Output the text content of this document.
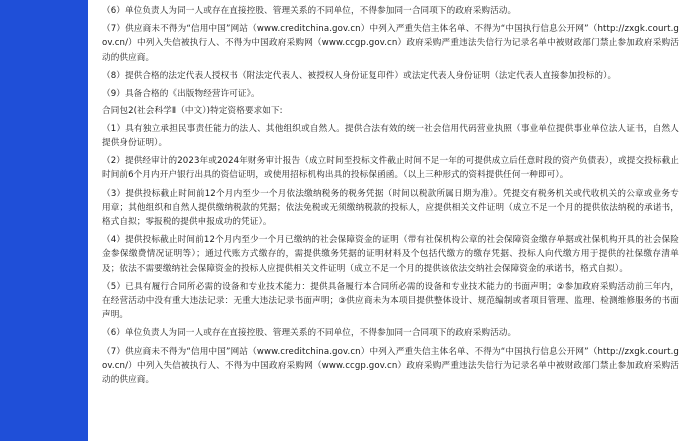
（6）单位负责人为同一人或存在直接控股、管理关系的不同单位，不得参加同一合同项下的政府采购活动。

（7）供应商未不得为“信用中国”网站（www.creditchina.gov.cn）中列入严重失信主体名单、不得为“中国执行信息公开网”（http://zxgk.court.gov.cn/）中列入失信被执行人、不得为中国政府采购网（www.ccgp.gov.cn）政府采购严重违法失信行为记录名单中被财政部门禁止参加政府采购活动的供应商。

（8）提供合格的法定代表人授权书（附法定代表人、被授权人身份证复印件）或法定代表人身份证明（法定代表人直接参加投标的）。

（9）具备合格的《出版物经营许可证》。

合同包2(社会科学Ⅱ（中文）)特定资格要求如下:

（1）具有独立承担民事责任能力的法人、其他组织或自然人。提供合法有效的统一社会信用代码营业执照（事业单位提供事业单位法人证书，自然人提供身份证明）。

（2）提供经审计的2023年或2024年财务审计报告（成立时间至投标文件截止时间不足一年的可提供成立后任意时段的资产负债表），或提交投标截止时间前6个月内开户银行出具的资信证明，或使用招标机构出具的投标保函函。（以上三种形式的资料提供任何一种即可）。

（3）提供投标截止时间前12个月内至少一个月依法缴纳税务的税务凭据（时间以税款所属日期为准）。凭提交有税务机关或代收机关的公章或业务专用章；其他组织和自然人提供缴纳税款的凭据；依法免税或无须缴纳税款的投标人，应提供相关文件证明（成立不足一个月的提供依法纳税的承诺书，格式自拟；零报税的提供申报成功的凭证）。

（4）提供投标截止时间前12个月内至少一个月已缴纳的社会保障资金的证明（带有社保机构公章的社会保障资金缴存单据或社保机构开具的社会保险金参保缴费情况证明等）；通过代账方式缴存的，需提供缴务凭据的证明材料及个包括代缴方的缴存凭据、投标人向代缴方用于提供的社保缴存清单及；依法不需要缴纳社会保障资金的投标人应提供相关文件证明（成立不足一个月的提供该依法交纳社会保障资金的承诺书，格式自拟）。

（5）已具有履行合同所必需的设备和专业技术能力：提供具备履行本合同所必需的设备和专业技术能力的书面声明；②参加政府采购活动前三年内，在经营活动中没有重大违法记录：无重大违法记录书面声明；③供应商未为本项目提供整体设计、规范编制或者项目管理、监理、检测维修服务的书面声明。

（6）单位负责人为同一人或存在直接控股、管理关系的不同单位，不得参加同一合同项下的政府采购活动。

（7）供应商未不得为“信用中国”网站（www.creditchina.gov.cn）中列入严重失信主体名单、不得为“中国执行信息公开网”（http://zxgk.court.gov.cn/）中列入失信被执行人、不得为中国政府采购网（www.ccgp.gov.cn）政府采购严重违法失信行为记录名单中被财政部门禁止参加政府采购活动的供应商。
